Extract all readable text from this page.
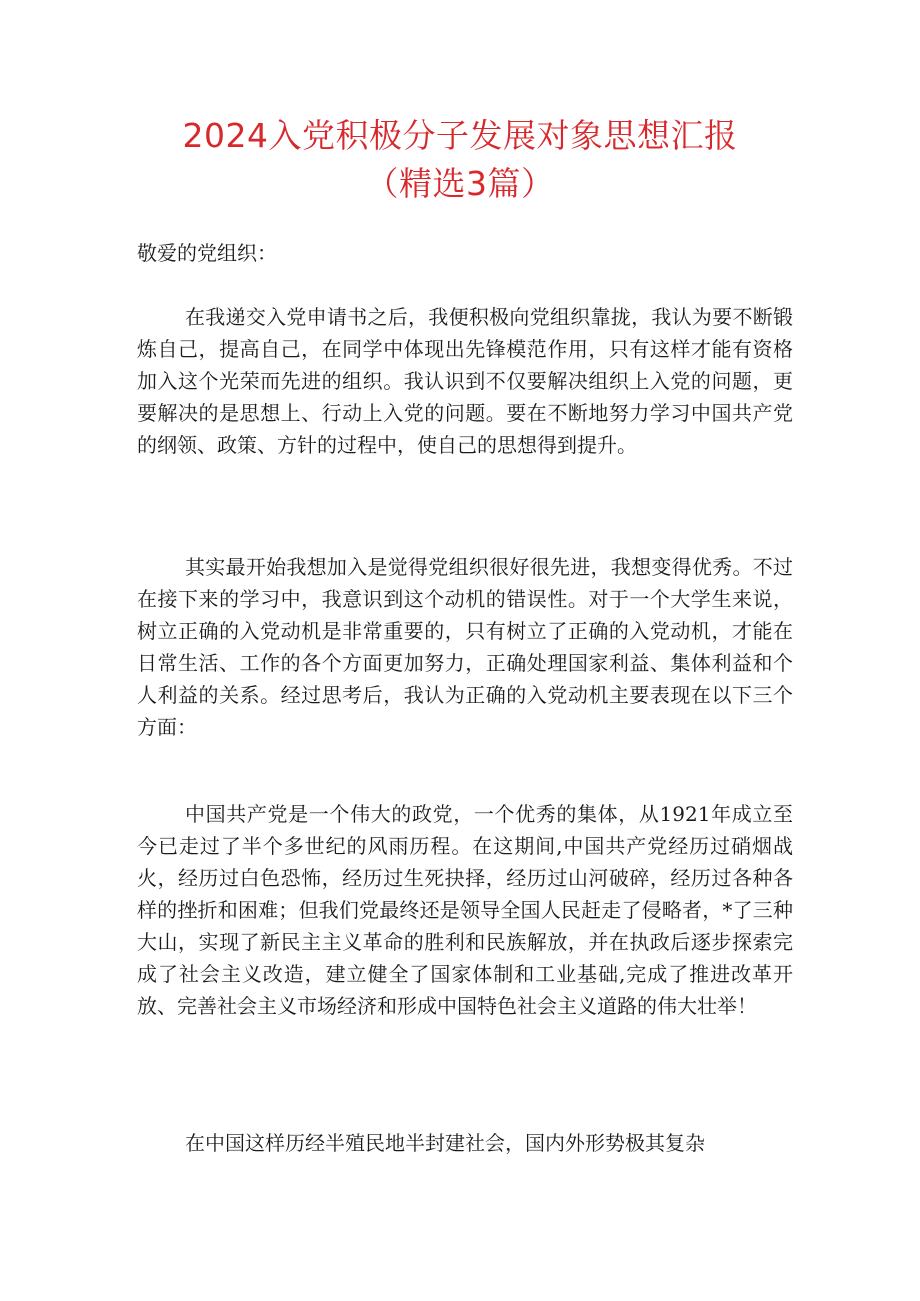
2024入党积极分子发展对象思想汇报
（精选3篇）
敬爱的党组织：

在我递交入党申请书之后，我便积极向党组织靠拢，我认为要不断锻炼自己，提高自己，在同学中体现出先锋模范作用，只有这样才能有资格加入这个光荣而先进的组织。我认识到不仅要解决组织上入党的问题，更要解决的是思想上、行动上入党的问题。要在不断地努力学习中国共产党的纲领、政策、方针的过程中，使自己的思想得到提升。

其实最开始我想加入是觉得党组织很好很先进，我想变得优秀。不过在接下来的学习中，我意识到这个动机的错误性。对于一个大学生来说，树立正确的入党动机是非常重要的，只有树立了正确的入党动机，才能在日常生活、工作的各个方面更加努力，正确处理国家利益、集体利益和个人利益的关系。经过思考后，我认为正确的入党动机主要表现在以下三个方面：

中国共产党是一个伟大的政党，一个优秀的集体，从1921年成立至今已走过了半个多世纪的风雨历程。在这期间,中国共产党经历过硝烟战火，经历过白色恐怖，经历过生死抉择，经历过山河破碎，经历过各种各样的挫折和困难；但我们党最终还是领导全国人民赶走了侵略者，*了三种大山，实现了新民主主义革命的胜利和民族解放，并在执政后逐步探索完成了社会主义改造，建立健全了国家体制和工业基础,完成了推进改革开放、完善社会主义市场经济和形成中国特色社会主义道路的伟大壮举！

在中国这样历经半殖民地半封建社会，国内外形势极其复杂
